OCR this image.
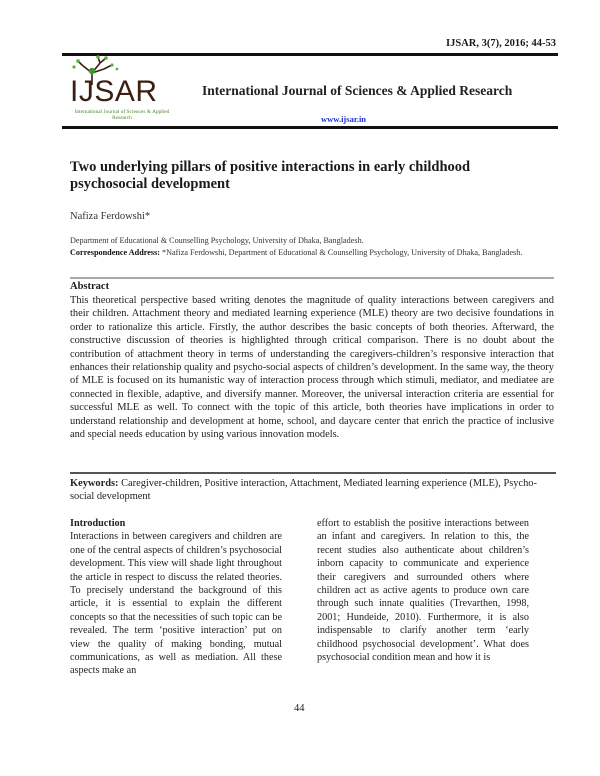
IJSAR, 3(7), 2016; 44-53
IJSAR
International Journal of Sciences & Applied Research
International Journal of Sciences & Applied Research
www.ijsar.in
Two underlying pillars of positive interactions in early childhood psychosocial development
Nafiza Ferdowshi*
Department of Educational & Counselling Psychology, University of Dhaka, Bangladesh.
Correspondence Address: *Nafiza Ferdowshi, Department of Educational & Counselling Psychology, University of Dhaka, Bangladesh.
Abstract
This theoretical perspective based writing denotes the magnitude of quality interactions between caregivers and their children. Attachment theory and mediated learning experience (MLE) theory are two decisive foundations in order to rationalize this article. Firstly, the author describes the basic concepts of both theories. Afterward, the constructive discussion of theories is highlighted through critical comparison. There is no doubt about the contribution of attachment theory in terms of understanding the caregivers-children’s responsive interaction that enhances their relationship quality and psycho-social aspects of children’s development. In the same way, the theory of MLE is focused on its humanistic way of interaction process through which stimuli, mediator, and mediatee are connected in flexible, adaptive, and diversify manner. Moreover, the universal interaction criteria are essential for successful MLE as well. To connect with the topic of this article, both theories have implications in order to understand relationship and development at home, school, and daycare center that enrich the practice of inclusive and special needs education by using various innovation models.
Keywords: Caregiver-children, Positive interaction, Attachment, Mediated learning experience (MLE), Psycho-social development
Introduction
Interactions in between caregivers and children are one of the central aspects of children’s psychosocial development. This view will shade light throughout the article in respect to discuss the related theories. To precisely understand the background of this article, it is essential to explain the different concepts so that the necessities of such topic can be revealed. The term ‘positive interaction’ put on view the quality of making bonding, mutual communications, as well as mediation. All these aspects make an
effort to establish the positive interactions between an infant and caregivers. In relation to this, the recent studies also authenticate about children’s inborn capacity to communicate and experience their caregivers and surrounded others where children act as active agents to produce own care through such innate qualities (Trevarthen, 1998, 2001; Hundeide, 2010). Furthermore, it is also indispensable to clarify another term ‘early childhood psychosocial development’. What does psychosocial condition mean and how it is
44
